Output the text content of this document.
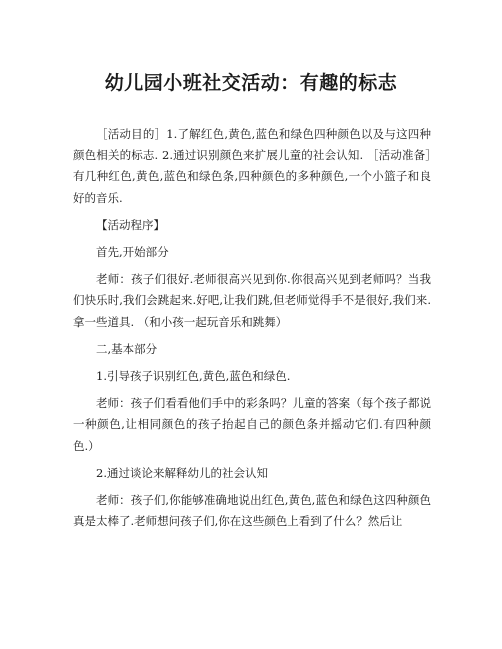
幼儿园小班社交活动：有趣的标志

［活动目的］1.了解红色,黄色,蓝色和绿色四种颜色以及与这四种颜色相关的标志. 2.通过识别颜色来扩展儿童的社会认知. ［活动准备］有几种红色,黄色,蓝色和绿色条,四种颜色的多种颜色,一个小篮子和良好的音乐.

【活动程序】

首先,开始部分

老师：孩子们很好.老师很高兴见到你.你很高兴见到老师吗？当我们快乐时,我们会跳起来.好吧,让我们跳,但老师觉得手不是很好,我们来.拿一些道具. （和小孩一起玩音乐和跳舞）

二,基本部分

1.引导孩子识别红色,黄色,蓝色和绿色.

老师：孩子们看看他们手中的彩条吗？儿童的答案（每个孩子都说一种颜色,让相同颜色的孩子抬起自己的颜色条并摇动它们.有四种颜色.）

2.通过谈论来解释幼儿的社会认知

老师：孩子们,你能够准确地说出红色,黄色,蓝色和绿色这四种颜色真是太棒了.老师想问孩子们,你在这些颜色上看到了什么？然后让
